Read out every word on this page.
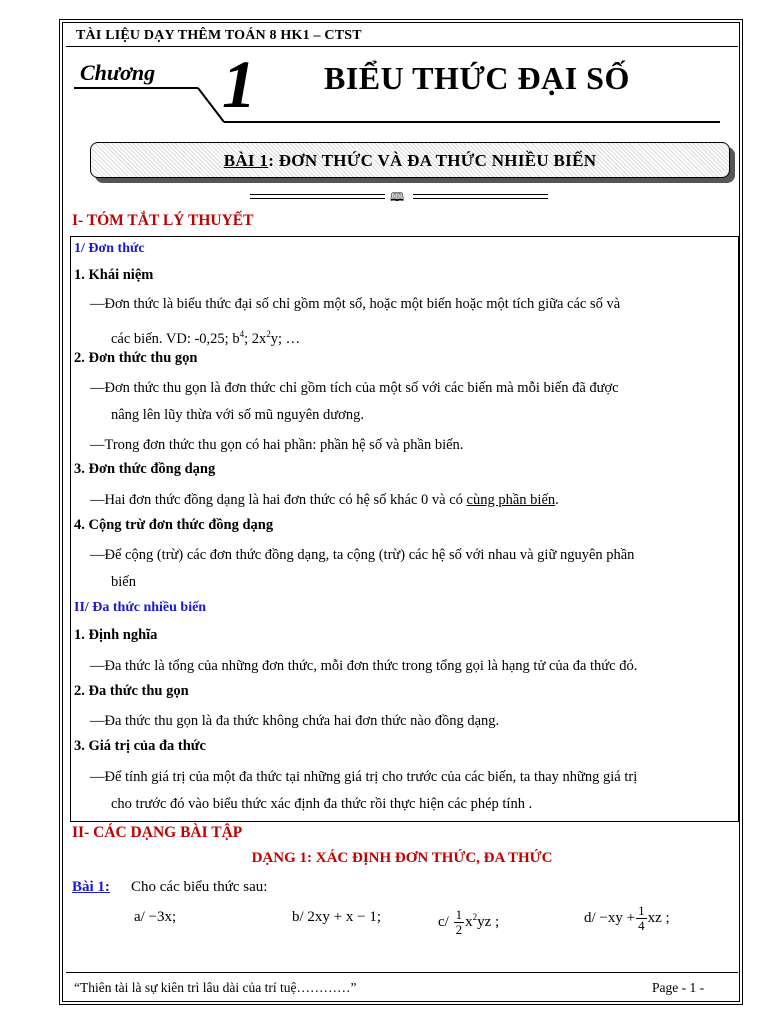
TÀI LIỆU DẠY THÊM TOÁN 8 HK1 – CTST
Chương 1 BIỂU THỨC ĐẠI SỐ
BÀI 1: ĐƠN THỨC VÀ ĐA THỨC NHIỀU BIẾN
🕮
I- TÓM TẮT LÝ THUYẾT
1/ Đơn thức
1. Khái niệm
—Đơn thức là biểu thức đại số chỉ gồm một số, hoặc một biến hoặc một tích giữa các số và
các biến. VD: -0,25; $b^4$; $2x^2y$; …
2. Đơn thức thu gọn
—Đơn thức thu gọn là đơn thức chỉ gồm tích của một số với các biến mà mỗi biến đã được
nâng lên lũy thừa với số mũ nguyên dương.
—Trong đơn thức thu gọn có hai phần: phần hệ số và phần biến.
3. Đơn thức đồng dạng
—Hai đơn thức đồng dạng là hai đơn thức có hệ số khác 0 và có cùng phần biến.
4. Cộng trừ đơn thức đồng dạng
—Để cộng (trừ) các đơn thức đồng dạng, ta cộng (trừ) các hệ số với nhau và giữ nguyên phần
biến
II/ Đa thức nhiều biến
1. Định nghĩa
—Đa thức là tổng của những đơn thức, mỗi đơn thức trong tổng gọi là hạng tử của đa thức đó.
2. Đa thức thu gọn
—Đa thức thu gọn là đa thức không chứa hai đơn thức nào đồng dạng.
3. Giá trị của đa thức
—Để tính giá trị của một đa thức tại những giá trị cho trước của các biến, ta thay những giá trị
cho trước đó vào biểu thức xác định đa thức rồi thực hiện các phép tính .
II- CÁC DẠNG BÀI TẬP
DẠNG 1: XÁC ĐỊNH ĐƠN THỨC, ĐA THỨC
Bài 1: Cho các biểu thức sau:
a/ −3x;	b/ 2xy + x − 1;	$c/ \frac{1}{2} x^2yz$ ;	$d/ -xy + \frac{1}{4}$ xz ;
“Thiên tài là sự kiên trì lâu dài của trí tuệ…………”	Page - 1 -
